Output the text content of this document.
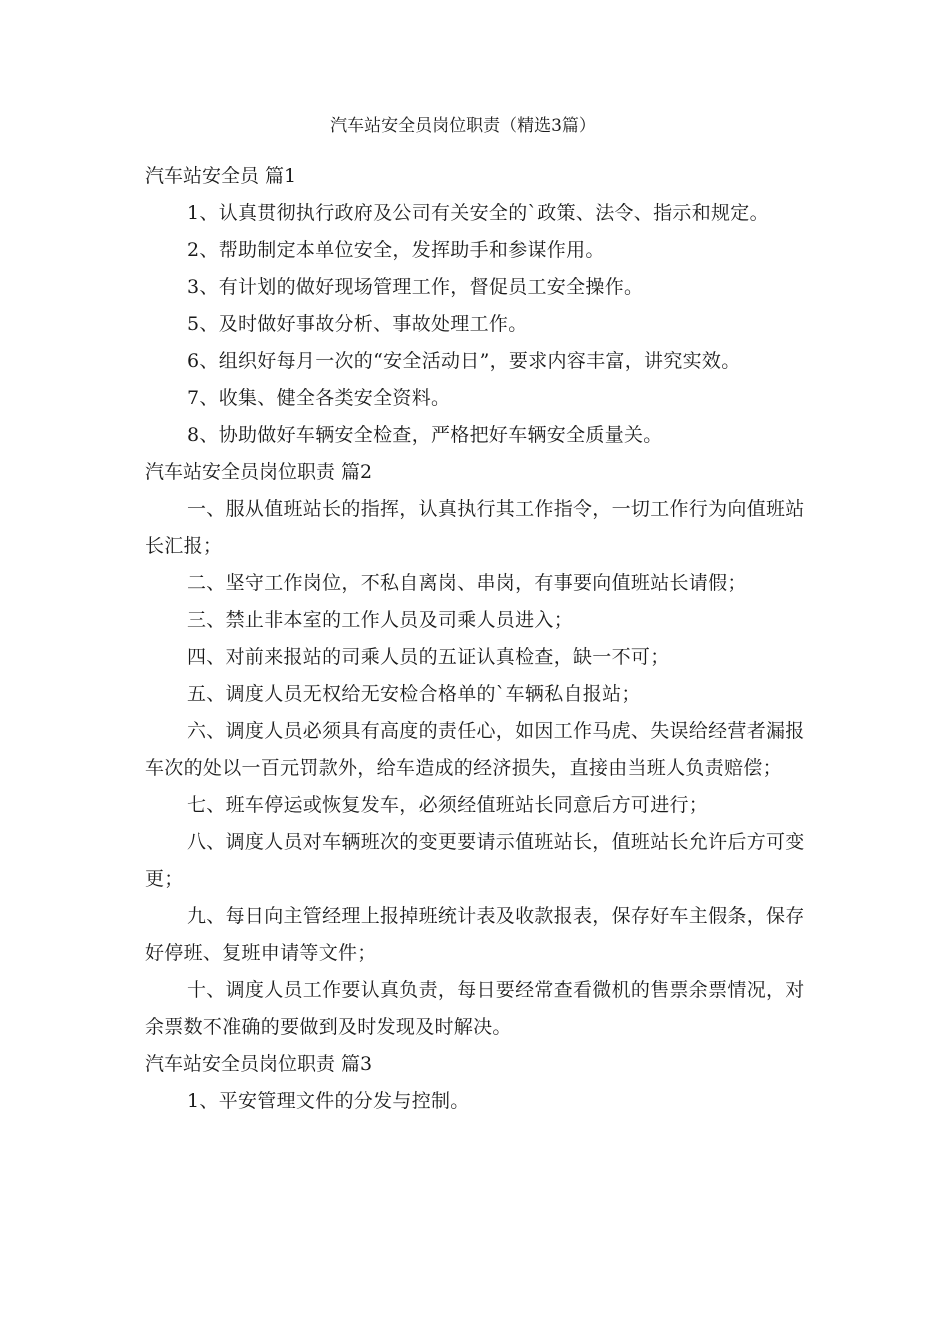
汽车站安全员岗位职责（精选3篇）

汽车站安全员 篇1

1、认真贯彻执行政府及公司有关安全的`政策、法令、指示和规定。

2、帮助制定本单位安全，发挥助手和参谋作用。

3、有计划的做好现场管理工作，督促员工安全操作。

5、及时做好事故分析、事故处理工作。

6、组织好每月一次的“安全活动日”，要求内容丰富，讲究实效。

7、收集、健全各类安全资料。

8、协助做好车辆安全检查，严格把好车辆安全质量关。

汽车站安全员岗位职责 篇2

一、服从值班站长的指挥，认真执行其工作指令，一切工作行为向值班站长汇报；

二、坚守工作岗位，不私自离岗、串岗，有事要向值班站长请假；

三、禁止非本室的工作人员及司乘人员进入；

四、对前来报站的司乘人员的五证认真检查，缺一不可；

五、调度人员无权给无安检合格单的`车辆私自报站；

六、调度人员必须具有高度的责任心，如因工作马虎、失误给经营者漏报车次的处以一百元罚款外，给车造成的经济损失，直接由当班人负责赔偿；

七、班车停运或恢复发车，必须经值班站长同意后方可进行；

八、调度人员对车辆班次的变更要请示值班站长，值班站长允许后方可变更；

九、每日向主管经理上报掉班统计表及收款报表，保存好车主假条，保存好停班、复班申请等文件；

十、调度人员工作要认真负责，每日要经常查看微机的售票余票情况，对余票数不准确的要做到及时发现及时解决。

汽车站安全员岗位职责 篇3

1、平安管理文件的分发与控制。
